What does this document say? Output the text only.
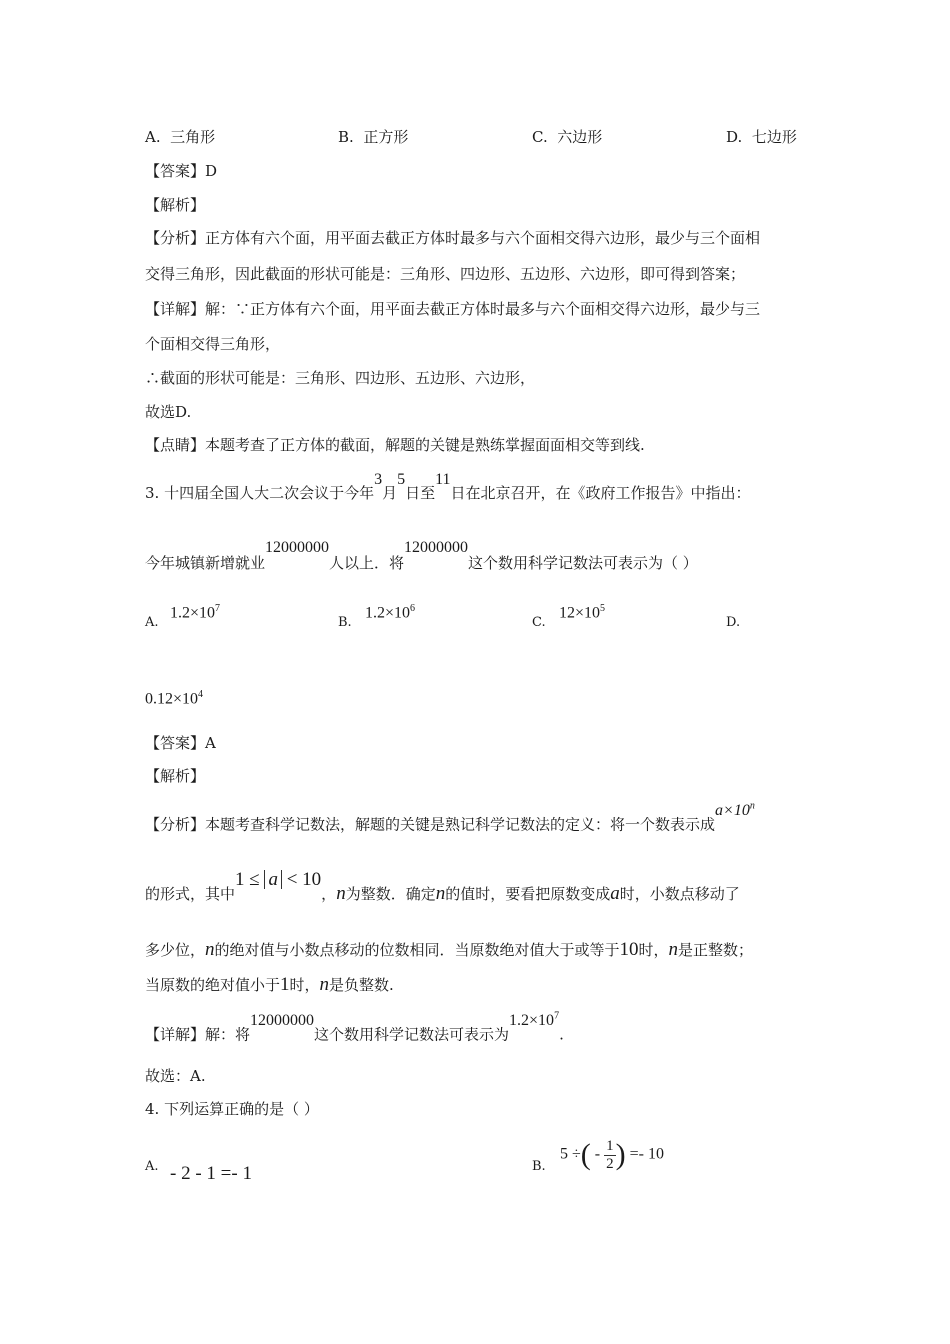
A. 三角形	B. 正方形	C. 六边形	D. 七边形
【答案】D
【解析】
【分析】正方体有六个面，用平面去截正方体时最多与六个面相交得六边形，最少与三个面相
交得三角形，因此截面的形状可能是：三角形、四边形、五边形、六边形，即可得到答案；
【详解】解：∵正方体有六个面，用平面去截正方体时最多与六个面相交得六边形，最少与三
个面相交得三角形，
∴截面的形状可能是：三角形、四边形、五边形、六边形，
故选D.
【点睛】本题考查了正方体的截面，解题的关键是熟练掌握面面相交等到线.
3. 十四届全国人大二次会议于今年3月5日至11日在北京召开，在《政府工作报告》中指出：
今年城镇新增就业12000000人以上．将12000000这个数用科学记数法可表示为（ ）
A.
$1.2\times 10^7$
B.
$1.2\times 10^6$
C.
$12\times 10^5$
D.
$0.12\times 10^4$
【答案】A
【解析】
【分析】本题考查科学记数法，解题的关键是熟记科学记数法的定义：将一个数表示成$a\times 10^n$
的形式，其中1 ≤ a < 10，n为整数．确定n的值时，要看把原数变成a时，小数点移动了
多少位，n的绝对值与小数点移动的位数相同．当原数绝对值大于或等于10时，n是正整数；
当原数的绝对值小于1时，n是负整数.
【详解】解：将12000000这个数用科学记数法可表示为$1.2\times 10^7$.
故选：A.
4. 下列运算正确的是（ ）
A. - 2 - 1 =- 1	B.
5 ÷( - $\frac{1}{2}$ ) =- 10
